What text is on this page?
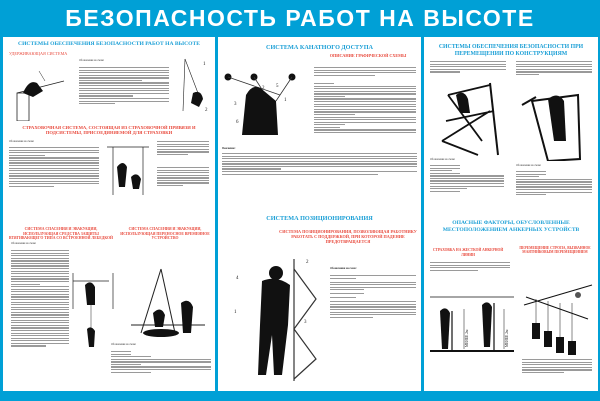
БЕЗОПАСНОСТЬ РАБОТ НА ВЫСОТЕ
СИСТЕМЫ ОБЕСПЕЧЕНИЯ БЕЗОПАСНОСТИ РАБОТ НА ВЫСОТЕ
УДЕРЖИВАЮЩАЯ СИСТЕМА
Обозначения на схеме:
1
2
СТРАХОВОЧНАЯ СИСТЕМА, СОСТОЯЩАЯ ИЗ СТРАХОВОЧНОЙ ПРИВЯЗИ И ПОДСИСТЕМЫ, ПРИСОЕДИНЯЕМОЙ ДЛЯ СТРАХОВКИ
Обозначения на схеме:
СИСТЕМА СПАСЕНИЯ И ЭВАКУАЦИИ, ИСПОЛЬЗУЮЩАЯ СРЕДСТВА ЗАЩИТЫ ВТЯГИВАЮЩЕГО ТИПА СО ВСТРОЕННОЙ ЛЕБЕДКОЙ
СИСТЕМА СПАСЕНИЯ И ЭВАКУАЦИИ, ИСПОЛЬЗУЮЩАЯ ПЕРЕНОСНОЕ ВРЕМЕННОЕ УСТРОЙСТВО
Обозначения на схеме:
Обозначения на схеме:
СИСТЕМА КАНАТНОГО ДОСТУПА
ОПИСАНИЕ ГРАФИЧЕСКОЙ СХЕМЫ
2 5
1
3
6
Пояснение:
СИСТЕМА ПОЗИЦИОНИРОВАНИЯ
СИСТЕМА ПОЗИЦИОНИРОВАНИЯ, ПОЗВОЛЯЮЩАЯ РАБОТНИКУ РАБОТАТЬ С ПОДДЕРЖКОЙ, ПРИ КОТОРОЙ ПАДЕНИЕ ПРЕДОТВРАЩАЕТСЯ
4
2
1
3
Обозначения на схеме:
СИСТЕМЫ ОБЕСПЕЧЕНИЯ БЕЗОПАСНОСТИ ПРИ ПЕРЕМЕЩЕНИИ ПО КОНСТРУКЦИЯМ
Обозначения на схеме:
Обозначения на схеме:
ОПАСНЫЕ ФАКТОРЫ, ОБУСЛОВЛЕННЫЕ МЕСТОПОЛОЖЕНИЕМ АНКЕРНЫХ УСТРОЙСТВ
СТРАХОВКА НА ЖЕСТКОЙ АНКЕРНОЙ ЛИНИИ
ПЕРЕМЕЩЕНИЕ СТРОПА, ВЫЗВАННОЕ МАЯТНИКОВЫМ ПЕРЕМЕЩЕНИЕМ
МЕНЕЕ 2м	МЕНЕЕ 2м
